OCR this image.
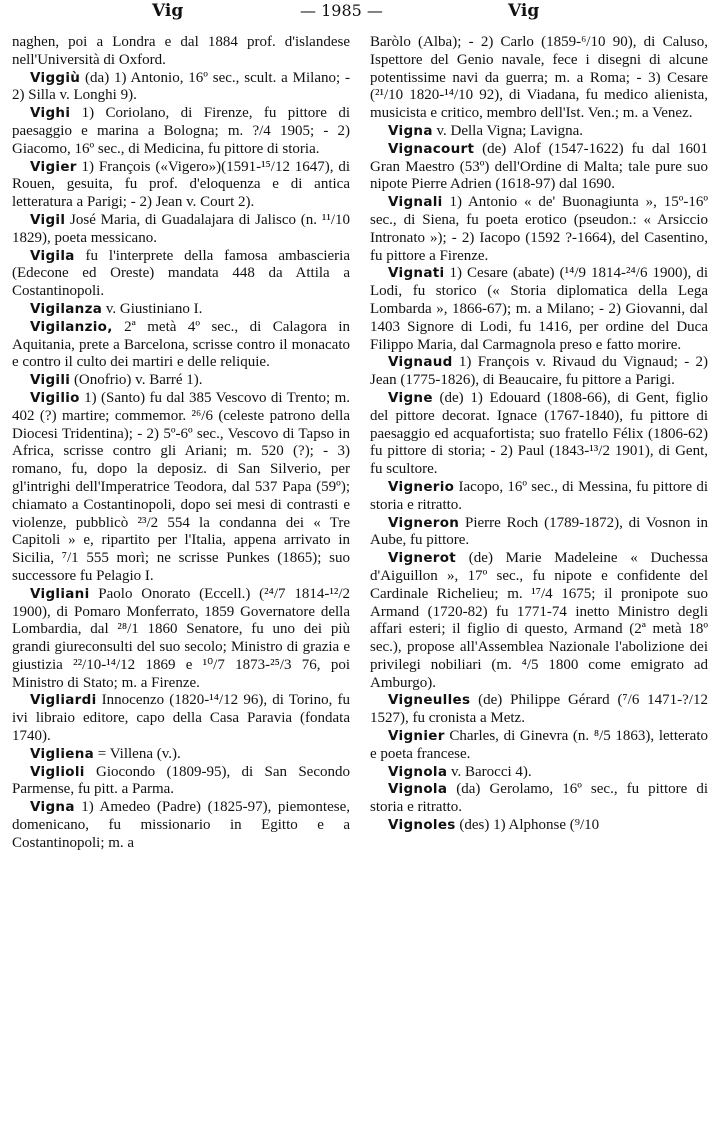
Vig	— 1985 —	Vig

naghen, poi a Londra e dal 1884 prof. d'islandese nell'Università di Oxford.

Viggiù (da) 1) Antonio, 16º sec., scult. a Milano; - 2) Silla v. Longhi 9).

Vighi 1) Coriolano, di Firenze, fu pittore di paesaggio e marina a Bologna; m. ?/4 1905; - 2) Giacomo, 16º sec., di Medicina, fu pittore di storia.

Vigier 1) François («Vigero»)(1591-¹⁵/12 1647), di Rouen, gesuita, fu prof. d'eloquenza e di antica letteratura a Parigi; - 2) Jean v. Court 2).

Vigil José Maria, di Guadalajara di Jalisco (n. ¹¹/10 1829), poeta messicano.

Vigila fu l'interprete della famosa ambascieria (Edecone ed Oreste) mandata 448 da Attila a Costantinopoli.

Vigilanza v. Giustiniano I.

Vigilanzio, 2ª metà 4º sec., di Calagora in Aquitania, prete a Barcelona, scrisse contro il monacato e contro il culto dei martiri e delle reliquie.

Vigili (Onofrio) v. Barré 1).

Vigilio 1) (Santo) fu dal 385 Vescovo di Trento; m. 402 (?) martire; commemor. ²⁶/6 (celeste patrono della Diocesi Tridentina); - 2) 5º-6º sec., Vescovo di Tapso in Africa, scrisse contro gli Ariani; m. 520 (?); - 3) romano, fu, dopo la deposiz. di San Silverio, per gl'intrighi dell'Imperatrice Teodora, dal 537 Papa (59º); chiamato a Costantinopoli, dopo sei mesi di contrasti e violenze, pubblicò ²³/2 554 la condanna dei « Tre Capitoli » e, ripartito per l'Italia, appena arrivato in Sicilia, ⁷/1 555 morì; ne scrisse Punkes (1865); suo successore fu Pelagio I.

Vigliani Paolo Onorato (Eccell.) (²⁴/7 1814-¹²/2 1900), di Pomaro Monferrato, 1859 Governatore della Lombardia, dal ²⁸/1 1860 Senatore, fu uno dei più grandi giureconsulti del suo secolo; Ministro di grazia e giustizia ²²/10-¹⁴/12 1869 e ¹⁰/7 1873-²⁵/3 76, poi Ministro di Stato; m. a Firenze.

Vigliardi Innocenzo (1820-¹⁴/12 96), di Torino, fu ivi libraio editore, capo della Casa Paravia (fondata 1740).

Vigliena = Villena (v.).

Viglioli Giocondo (1809-95), di San Secondo Parmense, fu pitt. a Parma.

Vigna 1) Amedeo (Padre) (1825-97), piemontese, domenicano, fu missionario in Egitto e a Costantinopoli; m. a

Baròlo (Alba); - 2) Carlo (1859-⁶/10 90), di Caluso, Ispettore del Genio navale, fece i disegni di alcune potentissime navi da guerra; m. a Roma; - 3) Cesare (²¹/10 1820-¹⁴/10 92), di Viadana, fu medico alienista, musicista e critico, membro dell'Ist. Ven.; m. a Venez.

Vigna v. Della Vigna; Lavigna.

Vignacourt (de) Alof (1547-1622) fu dal 1601 Gran Maestro (53º) dell'Ordine di Malta; tale pure suo nipote Pierre Adrien (1618-97) dal 1690.

Vignali 1) Antonio « de' Buonagiunta », 15º-16º sec., di Siena, fu poeta erotico (pseudon.: « Arsiccio Intronato »); - 2) Iacopo (1592 ?-1664), del Casentino, fu pittore a Firenze.

Vignati 1) Cesare (abate) (¹⁴/9 1814-²⁴/6 1900), di Lodi, fu storico (« Storia diplomatica della Lega Lombarda », 1866-67); m. a Milano; - 2) Giovanni, dal 1403 Signore di Lodi, fu 1416, per ordine del Duca Filippo Maria, dal Carmagnola preso e fatto morire.

Vignaud 1) François v. Rivaud du Vignaud; - 2) Jean (1775-1826), di Beaucaire, fu pittore a Parigi.

Vigne (de) 1) Edouard (1808-66), di Gent, figlio del pittore decorat. Ignace (1767-1840), fu pittore di paesaggio ed acquafortista; suo fratello Félix (1806-62) fu pittore di storia; - 2) Paul (1843-¹³/2 1901), di Gent, fu scultore.

Vignerio Iacopo, 16º sec., di Messina, fu pittore di storia e ritratto.

Vigneron Pierre Roch (1789-1872), di Vosnon in Aube, fu pittore.

Vignerot (de) Marie Madeleine « Duchessa d'Aiguillon », 17º sec., fu nipote e confidente del Cardinale Richelieu; m. ¹⁷/4 1675; il pronipote suo Armand (1720-82) fu 1771-74 inetto Ministro degli affari esteri; il figlio di questo, Armand (2ª metà 18º sec.), propose all'Assemblea Nazionale l'abolizione dei privilegi nobiliari (m. ⁴/5 1800 come emigrato ad Amburgo).

Vigneulles (de) Philippe Gérard (⁷/6 1471-?/12 1527), fu cronista a Metz.

Vignier Charles, di Ginevra (n. ⁸/5 1863), letterato e poeta francese.

Vignola v. Barocci 4).

Vignola (da) Gerolamo, 16º sec., fu pittore di storia e ritratto.

Vignoles (des) 1) Alphonse (⁹/10
